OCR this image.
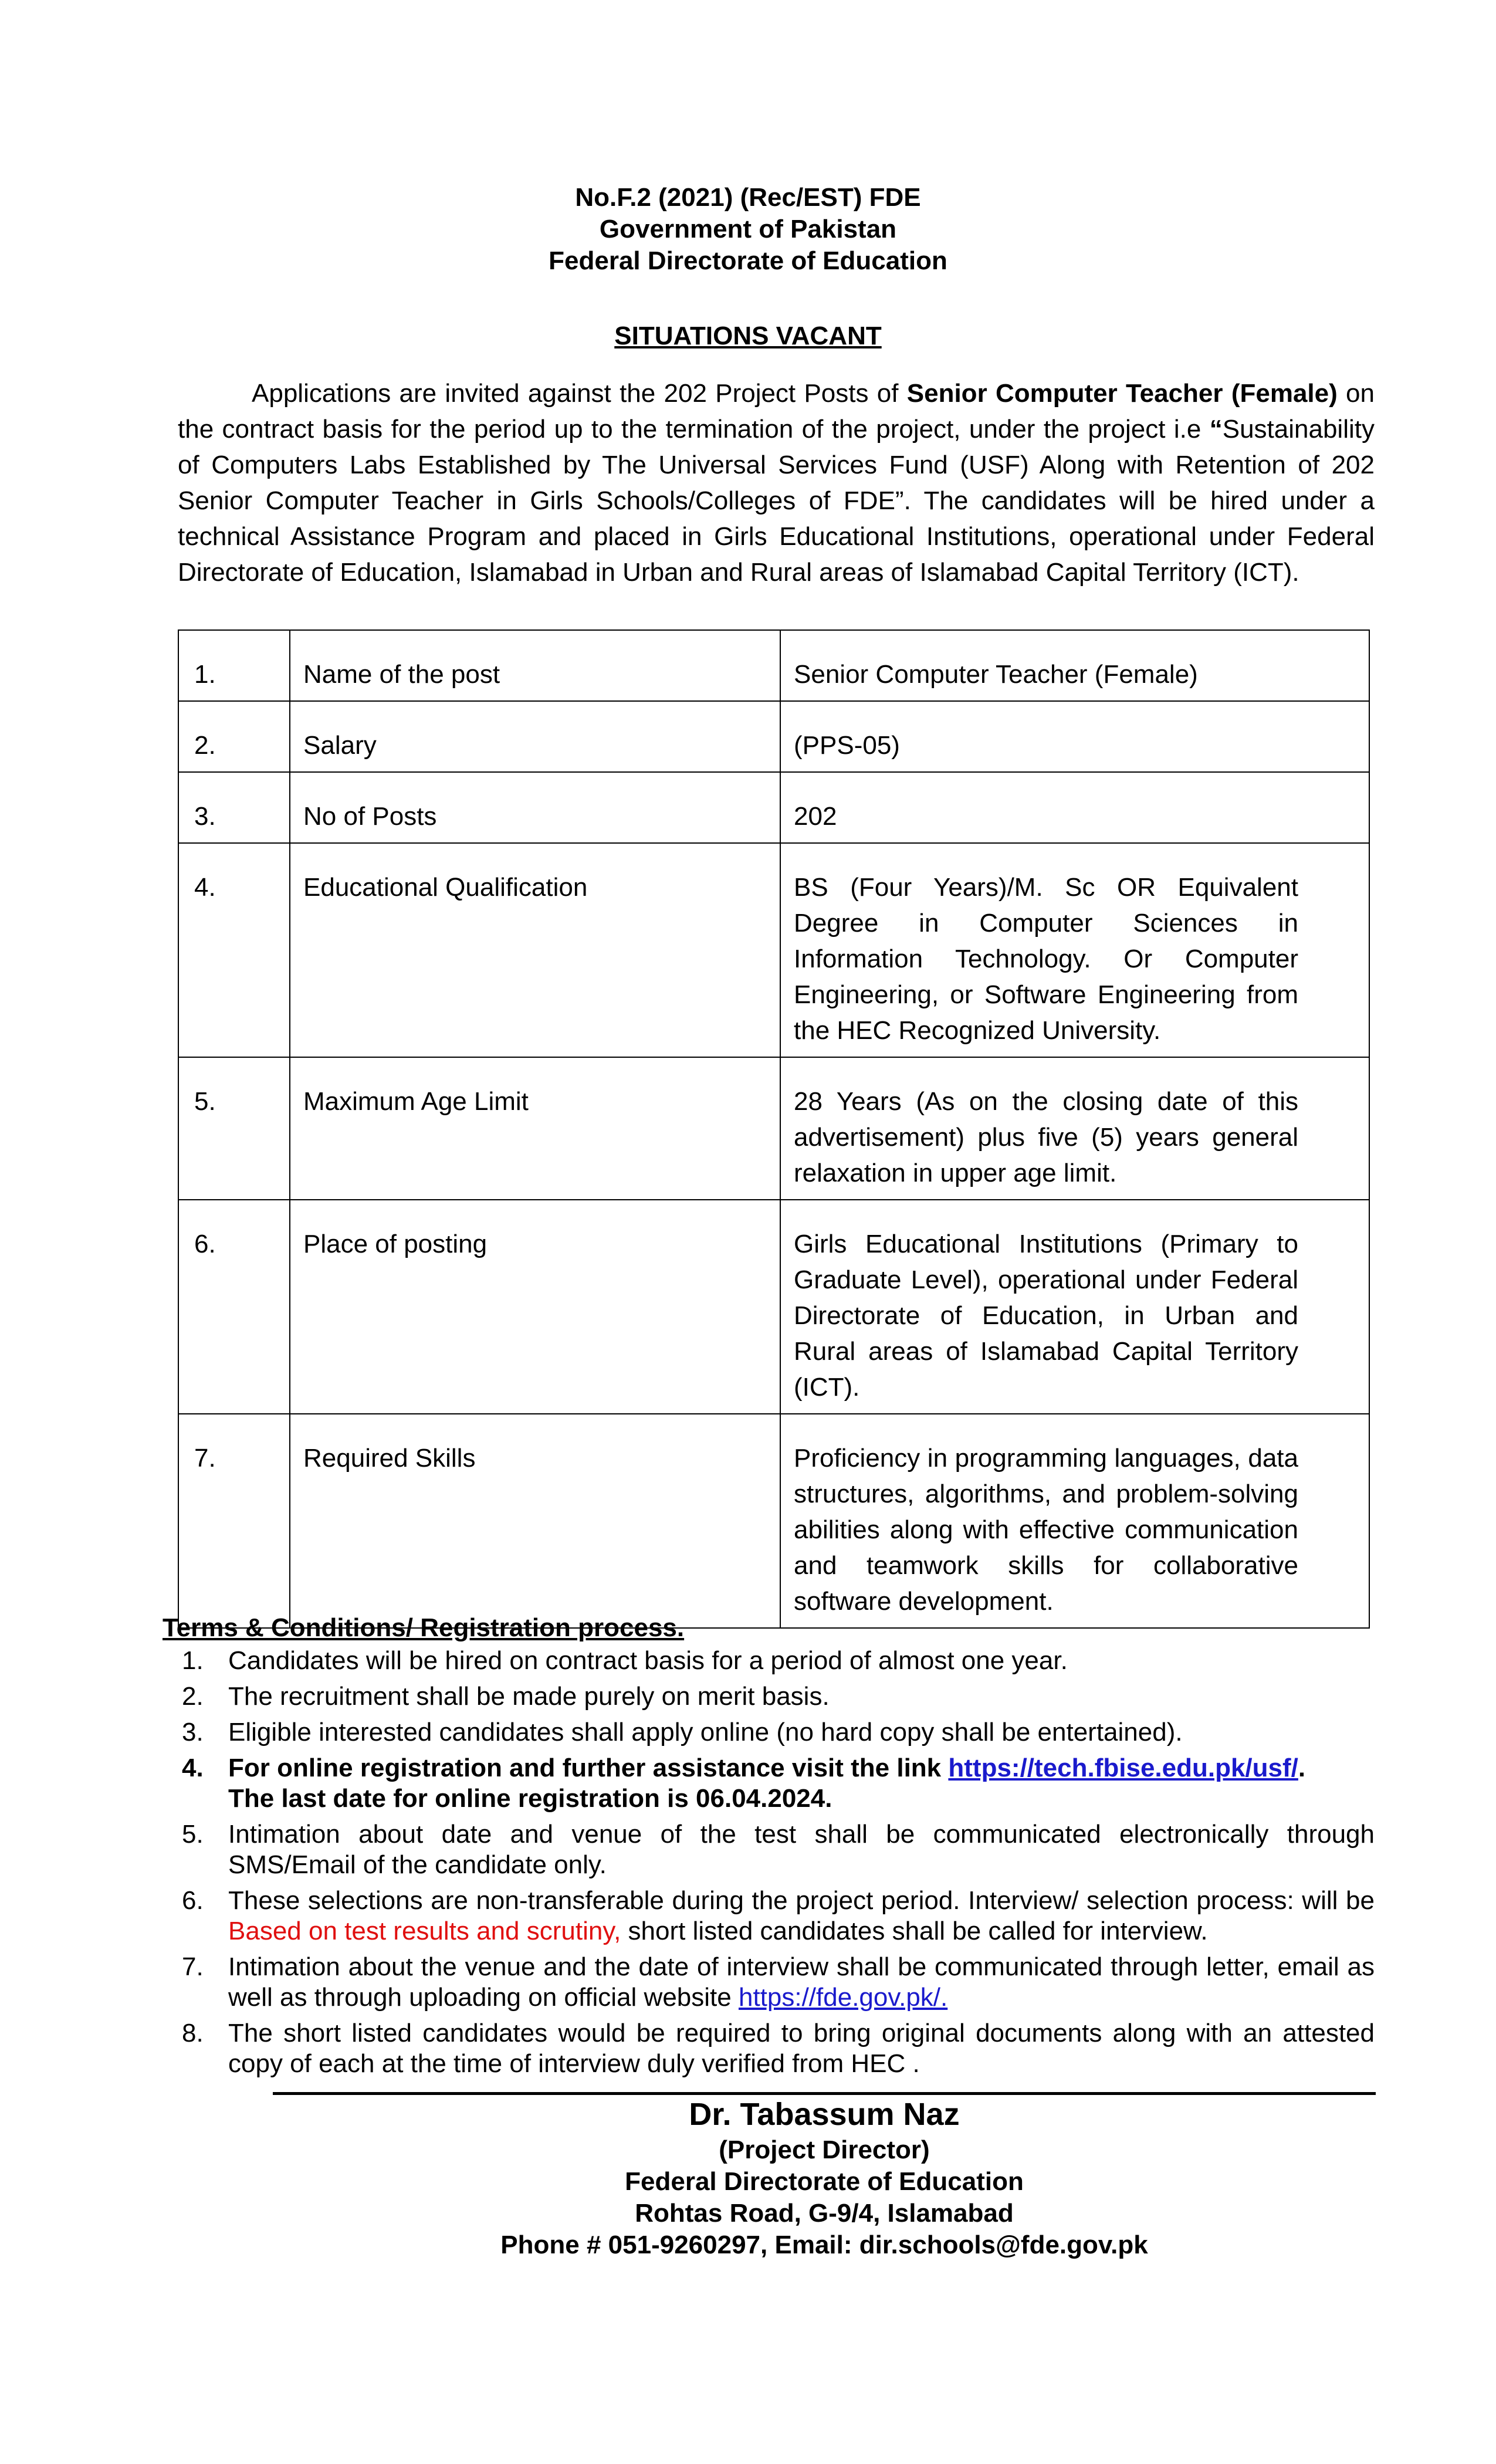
No.F.2 (2021) (Rec/EST) FDE
Government of Pakistan
Federal Directorate of Education
SITUATIONS VACANT

Applications are invited against the 202 Project Posts of Senior Computer Teacher (Female) on the contract basis for the period up to the termination of the project, under the project i.e “Sustainability of Computers Labs Established by The Universal Services Fund (USF) Along with Retention of 202 Senior Computer Teacher in Girls Schools/Colleges of FDE”. The candidates will be hired under a technical Assistance Program and placed in Girls Educational Institutions, operational under Federal Directorate of Education, Islamabad in Urban and Rural areas of Islamabad Capital Territory (ICT).

1.	Name of the post	Senior Computer Teacher (Female)
2.	Salary	(PPS-05)
3.	No of Posts	202
4.	Educational Qualification	BS (Four Years)/M. Sc OR Equivalent Degree in Computer Sciences in Information Technology. Or Computer Engineering, or Software Engineering from the HEC Recognized University.
5.	Maximum Age Limit	28 Years (As on the closing date of this advertisement) plus five (5) years general relaxation in upper age limit.
6.	Place of posting	Girls Educational Institutions (Primary to Graduate Level), operational under Federal Directorate of Education, in Urban and Rural areas of Islamabad Capital Territory (ICT).
7.	Required Skills	Proficiency in programming languages, data structures, algorithms, and problem-solving abilities along with effective communication and teamwork skills for collaborative software development.
Terms & Conditions/ Registration process.
1. Candidates will be hired on contract basis for a period of almost one year.
2. The recruitment shall be made purely on merit basis.
3. Eligible interested candidates shall apply online (no hard copy shall be entertained).
4. For online registration and further assistance visit the link https://tech.fbise.edu.pk/usf/.
The last date for online registration is 06.04.2024.
5. Intimation about date and venue of the test shall be communicated electronically through SMS/Email of the candidate only.
6. These selections are non-transferable during the project period. Interview/ selection process: will be Based on test results and scrutiny, short listed candidates shall be called for interview.
7. Intimation about the venue and the date of interview shall be communicated through letter, email as well as through uploading on official website https://fde.gov.pk/.
8. The short listed candidates would be required to bring original documents along with an attested copy of each at the time of interview duly verified from HEC .
Dr. Tabassum Naz
(Project Director)
Federal Directorate of Education
Rohtas Road, G-9/4, Islamabad
Phone # 051-9260297, Email: dir.schools@fde.gov.pk
